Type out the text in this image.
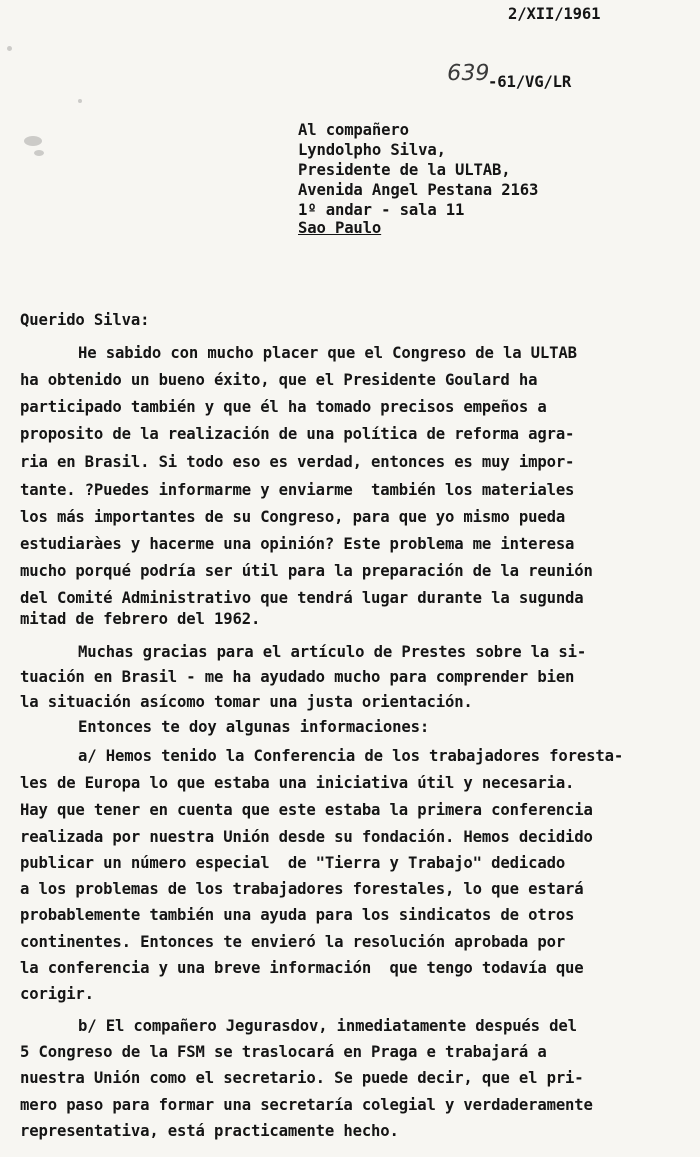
2/XII/1961
639
-61/VG/LR
Al compañero
Lyndolpho Silva,
Presidente de la ULTAB,
Avenida Angel Pestana 2163
1º andar - sala 11
Sao Paulo
Querido Silva:
He sabido con mucho placer que el Congreso de la ULTAB
ha obtenido un bueno éxito, que el Presidente Goulard ha
participado también y que él ha tomado precisos empeños a
proposito de la realización de una política de reforma agra-
ria en Brasil. Si todo eso es verdad, entonces es muy impor-
tante. ?Puedes informarme y enviarme  también los materiales
los más importantes de su Congreso, para que yo mismo pueda
estudiaràes y hacerme una opinión? Este problema me interesa
mucho porqué podría ser útil para la preparación de la reunión
del Comité Administrativo que tendrá lugar durante la sugunda
mitad de febrero del 1962.
Muchas gracias para el artículo de Prestes sobre la si-
tuación en Brasil - me ha ayudado mucho para comprender bien
la situación asícomo tomar una justa orientación.
Entonces te doy algunas informaciones:
a/ Hemos tenido la Conferencia de los trabajadores foresta-
les de Europa lo que estaba una iniciativa útil y necesaria.
Hay que tener en cuenta que este estaba la primera conferencia
realizada por nuestra Unión desde su fondación. Hemos decidido
publicar un número especial  de "Tierra y Trabajo" dedicado
a los problemas de los trabajadores forestales, lo que estará
probablemente también una ayuda para los sindicatos de otros
continentes. Entonces te envieró la resolución aprobada por
la conferencia y una breve información  que tengo todavía que
corigir.
b/ El compañero Jegurasdov, inmediatamente después del
5 Congreso de la FSM se traslocará en Praga e trabajará a
nuestra Unión como el secretario. Se puede decir, que el pri-
mero paso para formar una secretaría colegial y verdaderamente
representativa, está practicamente hecho.
